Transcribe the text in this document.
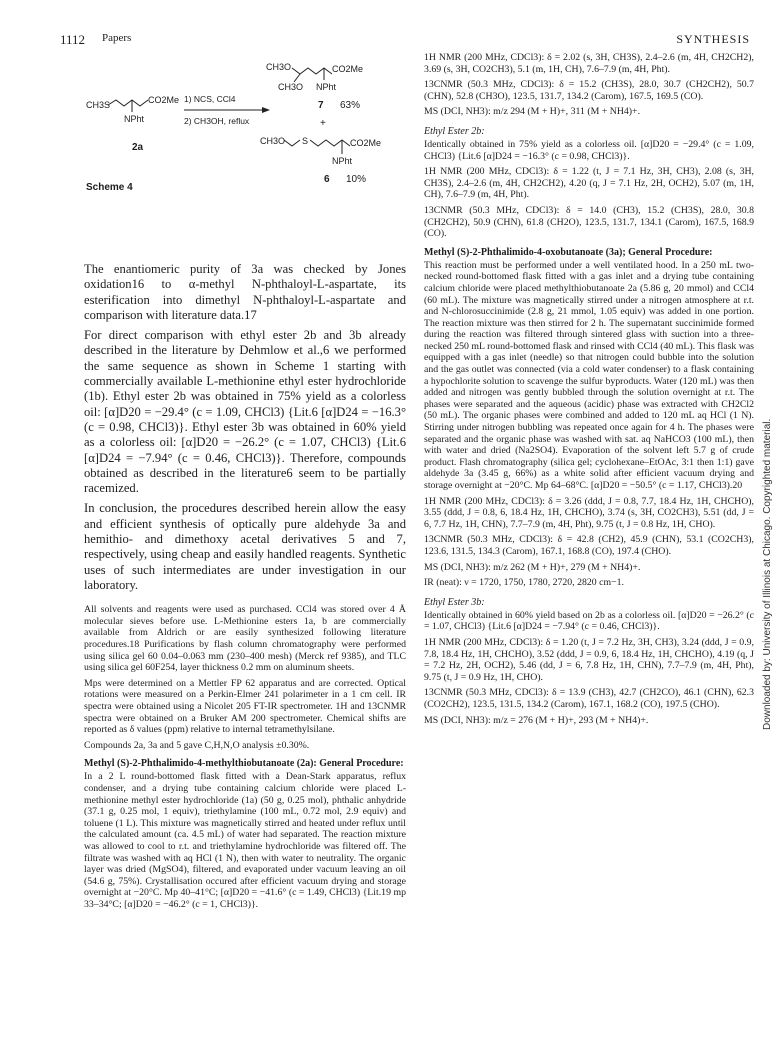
1112 Papers	SYNTHESIS
CH3S	CO2Me
NPht
2a
1) NCS, CCl4
2) CH3OH, reflux
CH3O	CO2Me
CH3O NPht
7 63%
+
CH3O S	CO2Me
NPht
6 10%
Scheme 4

The enantiomeric purity of 3a was checked by Jones oxidation16 to α-methyl N-phthaloyl-L-aspartate, its esterification into dimethyl N-phthaloyl-L-aspartate and comparison with literature data.17

For direct comparison with ethyl ester 2b and 3b already described in the literature by Dehmlow et al.,6 we performed the same sequence as shown in Scheme 1 starting with commercially available L-methionine ethyl ester hydrochloride (1b). Ethyl ester 2b was obtained in 75% yield as a colorless oil: [α]D20 = −29.4° (c = 1.09, CHCl3) {Lit.6 [α]D24 = −16.3° (c = 0.98, CHCl3)}. Ethyl ester 3b was obtained in 60% yield as a colorless oil: [α]D20 = −26.2° (c = 1.07, CHCl3) {Lit.6 [α]D24 = −7.94° (c = 0.46, CHCl3)}. Therefore, compounds obtained as described in the literature6 seem to be partially racemized.

In conclusion, the procedures described herein allow the easy and efficient synthesis of optically pure aldehyde 3a and hemithio- and dimethoxy acetal derivatives 5 and 7, respectively, using cheap and easily handled reagents. Synthetic uses of such intermediates are under investigation in our laboratory.

All solvents and reagents were used as purchased. CCl4 was stored over 4 Å molecular sieves before use. L-Methionine esters 1a, b are commercially available from Aldrich or are easily synthesized following literature procedures.18 Purifications by flash column chromatography were performed using silica gel 60 0.04–0.063 mm (230–400 mesh) (Merck ref 9385), and TLC using silica gel 60F254, layer thickness 0.2 mm on aluminum sheets.

Mps were determined on a Mettler FP 62 apparatus and are corrected. Optical rotations were measured on a Perkin-Elmer 241 polarimeter in a 1 cm cell. IR spectra were obtained using a Nicolet 205 FT-IR spectrometer. 1H and 13CNMR spectra were obtained on a Bruker AM 200 spectrometer. Chemical shifts are reported as δ values (ppm) relative to internal tetramethylsilane.

Compounds 2a, 3a and 5 gave C,H,N,O analysis ±0.30%.

Methyl (S)-2-Phthalimido-4-methylthiobutanoate (2a): General Procedure:

In a 2 L round-bottomed flask fitted with a Dean-Stark apparatus, reflux condenser, and a drying tube containing calcium chloride were placed L-methionine methyl ester hydrochloride (1a) (50 g, 0.25 mol), phthalic anhydride (37.1 g, 0.25 mol, 1 equiv), triethylamine (100 mL, 0.72 mol, 2.9 equiv) and toluene (1 L). This mixture was magnetically stirred and heated under reflux until the calculated amount (ca. 4.5 mL) of water had separated. The reaction mixture was allowed to cool to r.t. and triethylamine hydrochloride was filtered off. The filtrate was washed with aq HCl (1 N), then with water to neutrality. The organic layer was dried (MgSO4), filtered, and evaporated under vacuum leaving an oil (54.6 g, 75%). Crystallisation occured after efficient vacuum drying and storage overnight at −20°C. Mp 40–41°C; [α]D20 = −41.6° (c = 1.49, CHCl3) {Lit.19 mp 33–34°C; [α]D20 = −46.2° (c = 1, CHCl3)}.

1H NMR (200 MHz, CDCl3): δ = 2.02 (s, 3H, CH3S), 2.4–2.6 (m, 4H, CH2CH2), 3.69 (s, 3H, CO2CH3), 5.1 (m, 1H, CH), 7.6–7.9 (m, 4H, Pht).

13CNMR (50.3 MHz, CDCl3): δ = 15.2 (CH3S), 28.0, 30.7 (CH2CH2), 50.7 (CHN), 52.8 (CH3O), 123.5, 131.7, 134.2 (Carom), 167.5, 169.5 (CO).

MS (DCI, NH3): m/z 294 (M + H)+, 311 (M + NH4)+.

Ethyl Ester 2b:

Identically obtained in 75% yield as a colorless oil. [α]D20 = −29.4° (c = 1.09, CHCl3) {Lit.6 [α]D24 = −16.3° (c = 0.98, CHCl3)}.

1H NMR (200 MHz, CDCl3): δ = 1.22 (t, J = 7.1 Hz, 3H, CH3), 2.08 (s, 3H, CH3S), 2.4–2.6 (m, 4H, CH2CH2), 4.20 (q, J = 7.1 Hz, 2H, OCH2), 5.07 (m, 1H, CH), 7.6–7.9 (m, 4H, Pht).

13CNMR (50.3 MHz, CDCl3): δ = 14.0 (CH3), 15.2 (CH3S), 28.0, 30.8 (CH2CH2), 50.9 (CHN), 61.8 (CH2O), 123.5, 131.7, 134.1 (Carom), 167.5, 168.9 (CO).

Methyl (S)-2-Phthalimido-4-oxobutanoate (3a); General Procedure:

This reaction must be performed under a well ventilated hood. In a 250 mL two-necked round-bottomed flask fitted with a gas inlet and a drying tube containing calcium chloride were placed methylthiobutanoate 2a (5.86 g, 20 mmol) and CCl4 (60 mL). The mixture was magnetically stirred under a nitrogen atmosphere at r.t. and N-chlorosuccinimide (2.8 g, 21 mmol, 1.05 equiv) was added in one portion. The reaction mixture was then stirred for 2 h. The supernatant succinimide formed during the reaction was filtered through sintered glass with suction into a three-necked 250 mL round-bottomed flask and rinsed with CCl4 (40 mL). This flask was equipped with a gas inlet (needle) so that nitrogen could bubble into the solution and the gas outlet was connected (via a cold water condenser) to a flask containing a hypochlorite solution to scavenge the sulfur byproducts. Water (120 mL) was then added and nitrogen was gently bubbled through the solution overnight at r.t. The phases were separated and the aqueous (acidic) phase was extracted with CH2Cl2 (50 mL). The organic phases were combined and added to 120 mL aq HCl (1 N). Stirring under nitrogen bubbling was repeated once again for 4 h. The phases were separated and the organic phase was washed with sat. aq NaHCO3 (100 mL), then with water and dried (Na2SO4). Evaporation of the solvent left 5.7 g of crude product. Flash chromatography (silica gel; cyclohexane–EtOAc, 3:1 then 1:1) gave aldehyde 3a (3.45 g, 66%) as a white solid after efficient vacuum drying and storage overnight at −20°C. Mp 64–68°C. [α]D20 = −50.5° (c = 1.17, CHCl3).20

1H NMR (200 MHz, CDCl3): δ = 3.26 (ddd, J = 0.8, 7.7, 18.4 Hz, 1H, CHCHO), 3.55 (ddd, J = 0.8, 6, 18.4 Hz, 1H, CHCHO), 3.74 (s, 3H, CO2CH3), 5.51 (dd, J = 6, 7.7 Hz, 1H, CHN), 7.7–7.9 (m, 4H, Pht), 9.75 (t, J = 0.8 Hz, 1H, CHO).

13CNMR (50.3 MHz, CDCl3): δ = 42.8 (CH2), 45.9 (CHN), 53.1 (CO2CH3), 123.6, 131.5, 134.3 (Carom), 167.1, 168.8 (CO), 197.4 (CHO).

MS (DCI, NH3): m/z 262 (M + H)+, 279 (M + NH4)+.

IR (neat): ν = 1720, 1750, 1780, 2720, 2820 cm−1.

Ethyl Ester 3b:

Identically obtained in 60% yield based on 2b as a colorless oil. [α]D20 = −26.2° (c = 1.07, CHCl3) {Lit.6 [α]D24 = −7.94° (c = 0.46, CHCl3)}.

1H NMR (200 MHz, CDCl3): δ = 1.20 (t, J = 7.2 Hz, 3H, CH3), 3.24 (ddd, J = 0.9, 7.8, 18.4 Hz, 1H, CHCHO), 3.52 (ddd, J = 0.9, 6, 18.4 Hz, 1H, CHCHO), 4.19 (q, J = 7.2 Hz, 2H, OCH2), 5.46 (dd, J = 6, 7.8 Hz, 1H, CHN), 7.7–7.9 (m, 4H, Pht), 9.75 (t, J = 0.9 Hz, 1H, CHO).

13CNMR (50.3 MHz, CDCl3): δ = 13.9 (CH3), 42.7 (CH2CO), 46.1 (CHN), 62.3 (CO2CH2), 123.5, 131.5, 134.2 (Carom), 167.1, 168.2 (CO), 197.5 (CHO).

MS (DCI, NH3): m/z = 276 (M + H)+, 293 (M + NH4)+.	Downloaded by: University of Illinois at Chicago. Copyrighted material.
